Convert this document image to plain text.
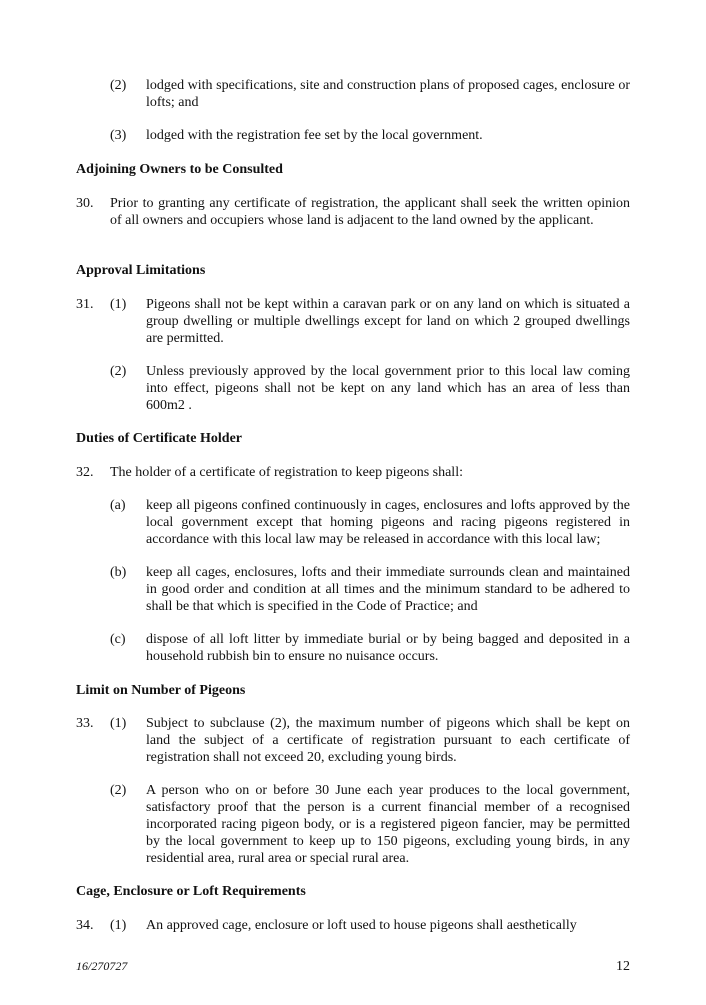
(2)	lodged with specifications, site and construction plans of proposed cages, enclosure or lofts; and
(3)	lodged with the registration fee set by the local government.
Adjoining Owners to be Consulted
30.	Prior to granting any certificate of registration, the applicant shall seek the written opinion of all owners and occupiers whose land is adjacent to the land owned by the applicant.
Approval Limitations
31.	(1)	Pigeons shall not be kept within a caravan park or on any land on which is situated a group dwelling or multiple dwellings except for land on which 2 grouped dwellings are permitted.
(2)	Unless previously approved by the local government prior to this local law coming into effect, pigeons shall not be kept on any land which has an area of less than 600m2 .
Duties of Certificate Holder
32.	The holder of a certificate of registration to keep pigeons shall:
(a)	keep all pigeons confined continuously in cages, enclosures and lofts approved by the local government except that homing pigeons and racing pigeons registered in accordance with this local law may be released in accordance with this local law;
(b)	keep all cages, enclosures, lofts and their immediate surrounds clean and maintained in good order and condition at all times and the minimum standard to be adhered to shall be that which is specified in the Code of Practice; and
(c)	dispose of all loft litter by immediate burial or by being bagged and deposited in a household rubbish bin to ensure no nuisance occurs.
Limit on Number of Pigeons
33.	(1)	Subject to subclause (2), the maximum number of pigeons which shall be kept on land the subject of a certificate of registration pursuant to each certificate of registration shall not exceed 20, excluding young birds.
(2)	A person who on or before 30 June each year produces to the local government, satisfactory proof that the person is a current financial member of a recognised incorporated racing pigeon body, or is a registered pigeon fancier, may be permitted by the local government to keep up to 150 pigeons, excluding young birds, in any residential area, rural area or special rural area.
Cage, Enclosure or Loft Requirements
34.	(1)	An approved cage, enclosure or loft used to house pigeons shall aesthetically
16/270727	12
